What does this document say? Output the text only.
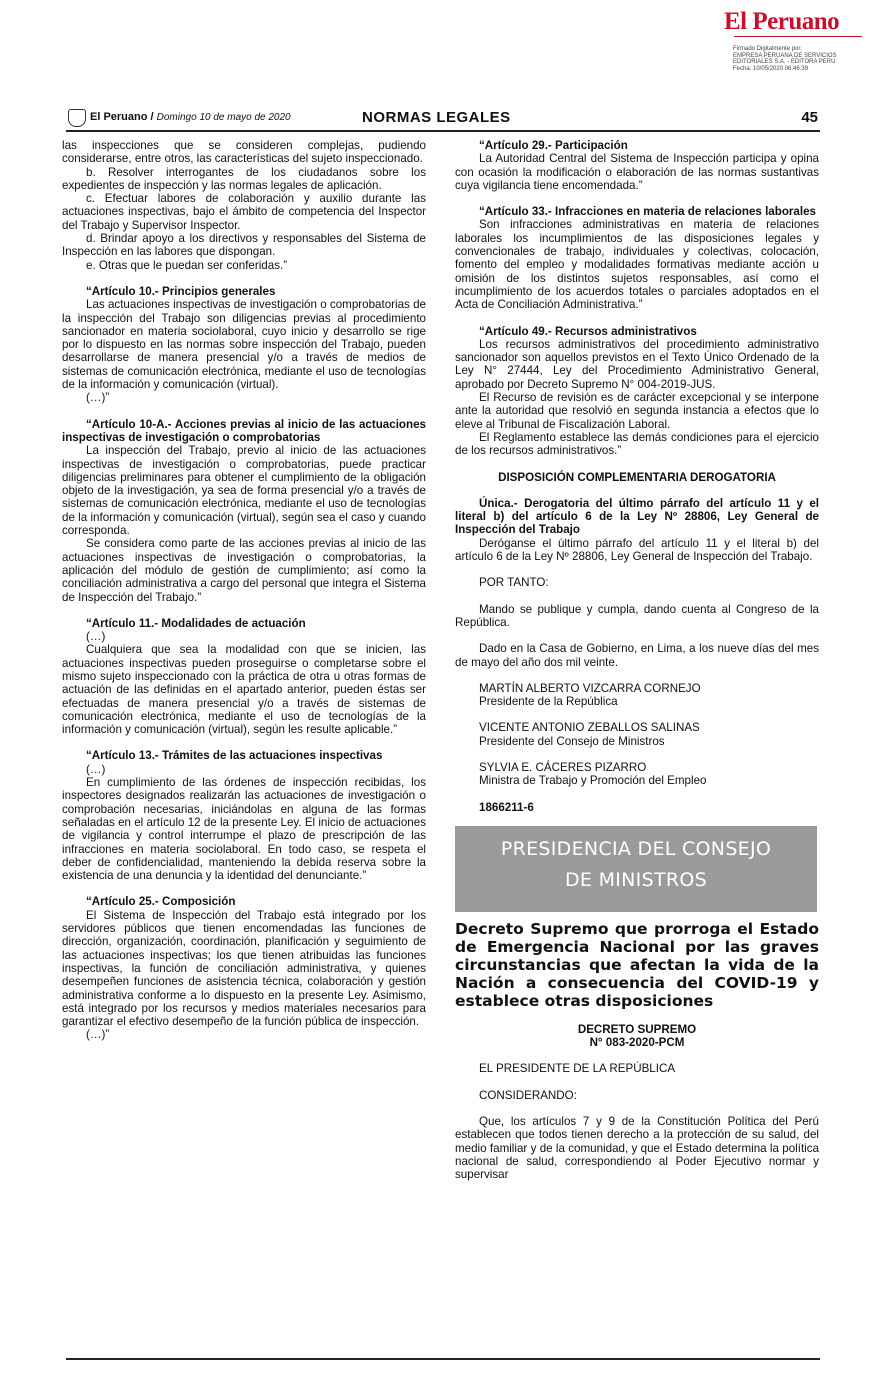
El Peruano
Firmado Digitalmente por:
EMPRESA PERUANA DE SERVICIOS
EDITORIALES S.A. - EDITORA PERU
Fecha: 10/05/2020 06:46:39
El Peruano / Domingo 10 de mayo de 2020	NORMAS LEGALES	45

las inspecciones que se consideren complejas, pudiendo considerarse, entre otros, las características del sujeto inspeccionado.

b. Resolver interrogantes de los ciudadanos sobre los expedientes de inspección y las normas legales de aplicación.

c. Efectuar labores de colaboración y auxilio durante las actuaciones inspectivas, bajo el ámbito de competencia del Inspector del Trabajo y Supervisor Inspector.

d. Brindar apoyo a los directivos y responsables del Sistema de Inspección en las labores que dispongan.

e. Otras que le puedan ser conferidas.”

“Artículo 10.- Principios generales

Las actuaciones inspectivas de investigación o comprobatorias de la inspección del Trabajo son diligencias previas al procedimiento sancionador en materia sociolaboral, cuyo inicio y desarrollo se rige por lo dispuesto en las normas sobre inspección del Trabajo, pueden desarrollarse de manera presencial y/o a través de medios de sistemas de comunicación electrónica, mediante el uso de tecnologías de la información y comunicación (virtual).

(…)”

“Artículo 10-A.- Acciones previas al inicio de las actuaciones inspectivas de investigación o comprobatorias

La inspección del Trabajo, previo al inicio de las actuaciones inspectivas de investigación o comprobatorias, puede practicar diligencias preliminares para obtener el cumplimiento de la obligación objeto de la investigación, ya sea de forma presencial y/o a través de sistemas de comunicación electrónica, mediante el uso de tecnologías de la información y comunicación (virtual), según sea el caso y cuando corresponda.

Se considera como parte de las acciones previas al inicio de las actuaciones inspectivas de investigación o comprobatorias, la aplicación del módulo de gestión de cumplimiento; así como la conciliación administrativa a cargo del personal que integra el Sistema de Inspección del Trabajo.”

“Artículo 11.- Modalidades de actuación

(…)

Cualquiera que sea la modalidad con que se inicien, las actuaciones inspectivas pueden proseguirse o completarse sobre el mismo sujeto inspeccionado con la práctica de otra u otras formas de actuación de las definidas en el apartado anterior, pueden éstas ser efectuadas de manera presencial y/o a través de sistemas de comunicación electrónica, mediante el uso de tecnologías de la información y comunicación (virtual), según les resulte aplicable.”

“Artículo 13.- Trámites de las actuaciones inspectivas

(…)

En cumplimiento de las órdenes de inspección recibidas, los inspectores designados realizarán las actuaciones de investigación o comprobación necesarias, iniciándolas en alguna de las formas señaladas en el artículo 12 de la presente Ley. El inicio de actuaciones de vigilancia y control interrumpe el plazo de prescripción de las infracciones en materia sociolaboral. En todo caso, se respeta el deber de confidencialidad, manteniendo la debida reserva sobre la existencia de una denuncia y la identidad del denunciante.”

“Artículo 25.- Composición

El Sistema de Inspección del Trabajo está integrado por los servidores públicos que tienen encomendadas las funciones de dirección, organización, coordinación, planificación y seguimiento de las actuaciones inspectivas; los que tienen atribuidas las funciones inspectivas, la función de conciliación administrativa, y quienes desempeñen funciones de asistencia técnica, colaboración y gestión administrativa conforme a lo dispuesto en la presente Ley. Asimismo, está integrado por los recursos y medios materiales necesarios para garantizar el efectivo desempeño de la función pública de inspección.

(…)”

“Artículo 29.- Participación

La Autoridad Central del Sistema de Inspección participa y opina con ocasión la modificación o elaboración de las normas sustantivas cuya vigilancia tiene encomendada.”

“Artículo 33.- Infracciones en materia de relaciones laborales

Son infracciones administrativas en materia de relaciones laborales los incumplimientos de las disposiciones legales y convencionales de trabajo, individuales y colectivas, colocación, fomento del empleo y modalidades formativas mediante acción u omisión de los distintos sujetos responsables, así como el incumplimiento de los acuerdos totales o parciales adoptados en el Acta de Conciliación Administrativa.”

“Artículo 49.- Recursos administrativos

Los recursos administrativos del procedimiento administrativo sancionador son aquellos previstos en el Texto Único Ordenado de la Ley N° 27444, Ley del Procedimiento Administrativo General, aprobado por Decreto Supremo N° 004-2019-JUS.

El Recurso de revisión es de carácter excepcional y se interpone ante la autoridad que resolvió en segunda instancia a efectos que lo eleve al Tribunal de Fiscalización Laboral.

El Reglamento establece las demás condiciones para el ejercicio de los recursos administrativos.”

DISPOSICIÓN COMPLEMENTARIA DEROGATORIA

Única.- Derogatoria del último párrafo del artículo 11 y el literal b) del artículo 6 de la Ley Nº 28806, Ley General de Inspección del Trabajo

Deróganse el último párrafo del artículo 11 y el literal b) del artículo 6 de la Ley Nº 28806, Ley General de Inspección del Trabajo.

POR TANTO:

Mando se publique y cumpla, dando cuenta al Congreso de la República.

Dado en la Casa de Gobierno, en Lima, a los nueve días del mes de mayo del año dos mil veinte.

MARTÍN ALBERTO VIZCARRA CORNEJO

Presidente de la República

VICENTE ANTONIO ZEBALLOS SALINAS

Presidente del Consejo de Ministros

SYLVIA E. CÁCERES PIZARRO

Ministra de Trabajo y Promoción del Empleo

1866211-6

PRESIDENCIA DEL CONSEJO
DE MINISTROS
Decreto Supremo que prorroga el Estado de Emergencia Nacional por las graves circunstancias que afectan la vida de la Nación a consecuencia del COVID-19 y establece otras disposiciones

DECRETO SUPREMO

N° 083-2020-PCM

EL PRESIDENTE DE LA REPÚBLICA

CONSIDERANDO:

Que, los artículos 7 y 9 de la Constitución Política del Perú establecen que todos tienen derecho a la protección de su salud, del medio familiar y de la comunidad, y que el Estado determina la política nacional de salud, correspondiendo al Poder Ejecutivo normar y supervisar
